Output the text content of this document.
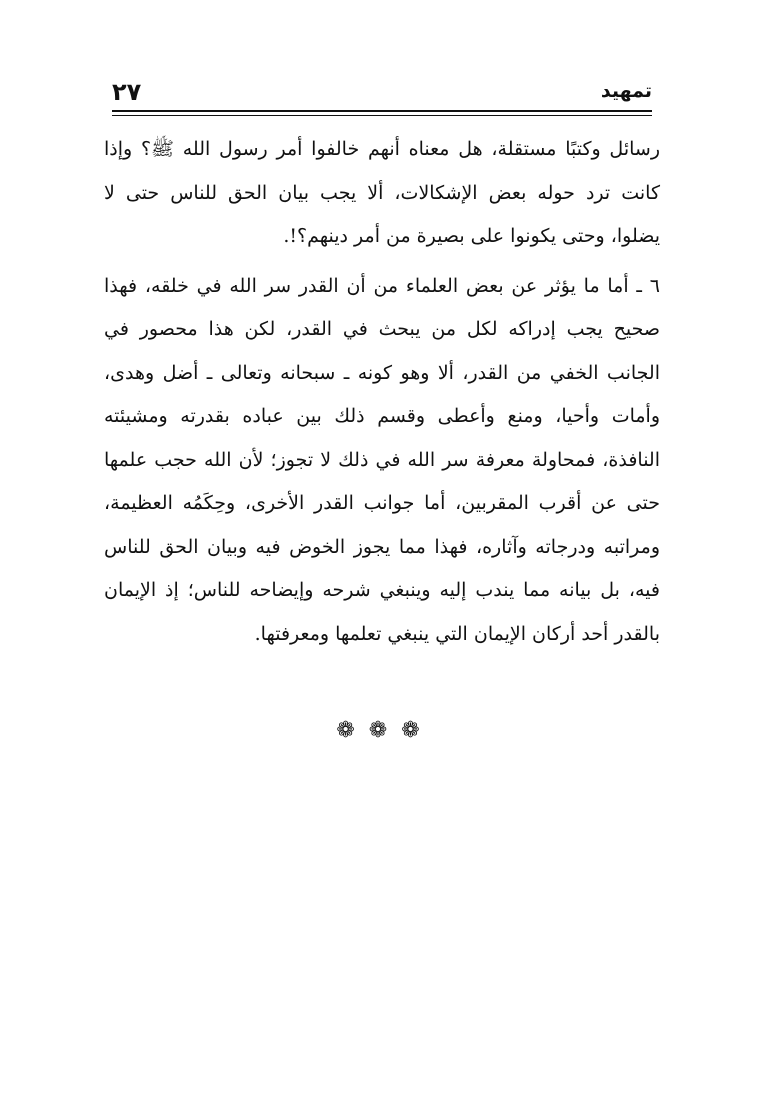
تمهيد
٢٧

رسائل وكتبًا مستقلة، هل معناه أنهم خالفوا أمر رسول الله ﷺ؟ وإذا كانت ترد حوله بعض الإشكالات، ألا يجب بيان الحق للناس حتى لا يضلوا، وحتى يكونوا على بصيرة من أمر دينهم؟!.

٦ ـ أما ما يؤثر عن بعض العلماء من أن القدر سر الله في خلقه، فهذا صحيح يجب إدراكه لكل من يبحث في القدر، لكن هذا محصور في الجانب الخفي من القدر، ألا وهو كونه ـ سبحانه وتعالى ـ أضل وهدى، وأمات وأحيا، ومنع وأعطى وقسم ذلك بين عباده بقدرته ومشيئته النافذة، فمحاولة معرفة سر الله في ذلك لا تجوز؛ لأن الله حجب علمها حتى عن أقرب المقربين، أما جوانب القدر الأخرى، وحِكَمُه العظيمة، ومراتبه ودرجاته وآثاره، فهذا مما يجوز الخوض فيه وبيان الحق للناس فيه، بل بيانه مما يندب إليه وينبغي شرحه وإيضاحه للناس؛ إذ الإيمان بالقدر أحد أركان الإيمان التي ينبغي تعلمها ومعرفتها.

❁❁❁
